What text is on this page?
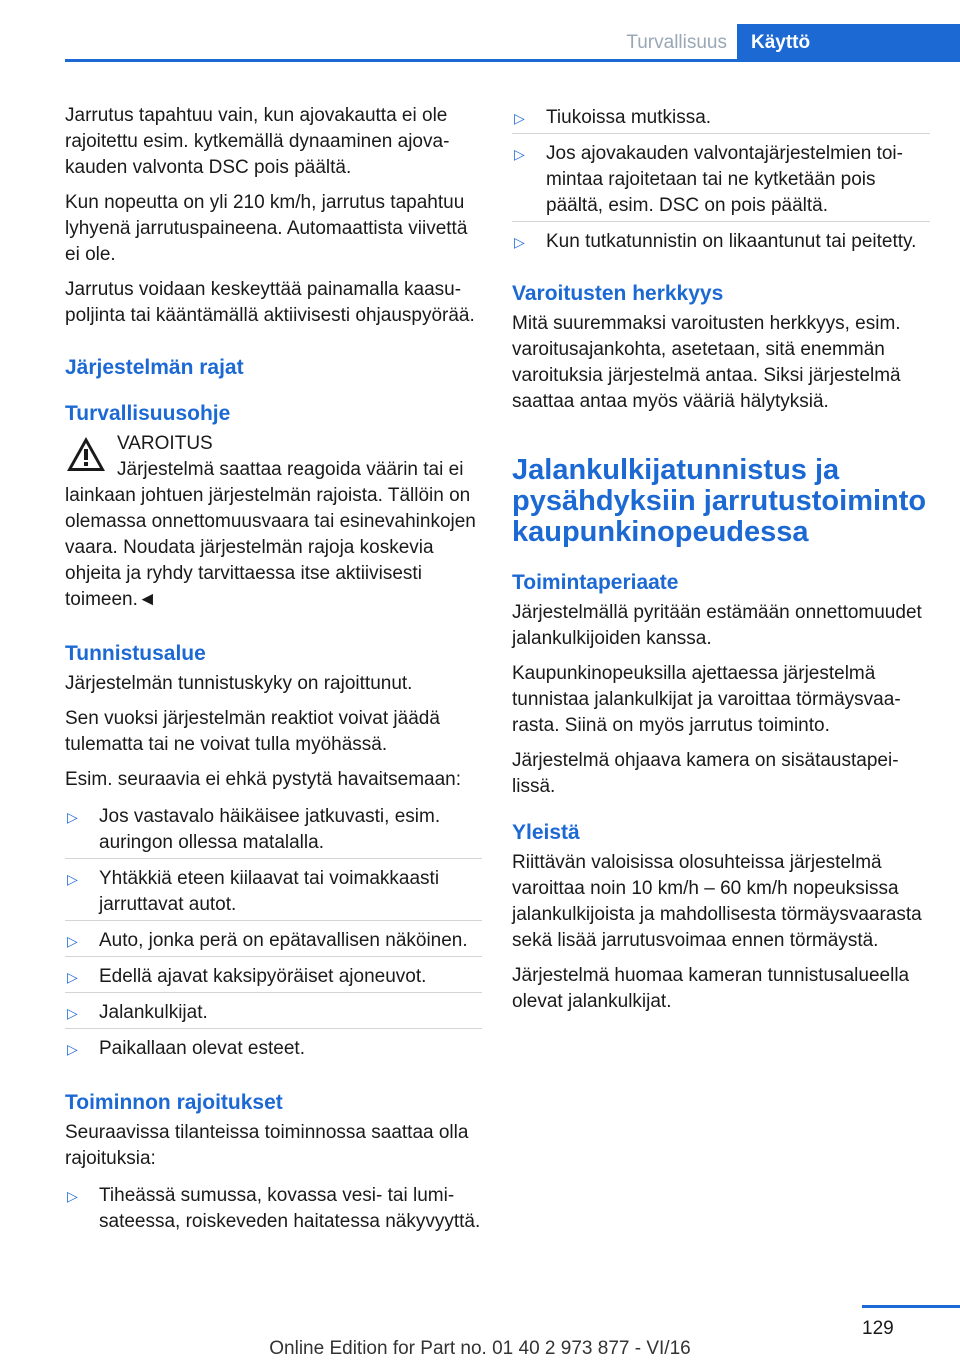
Turvallisuus	Käyttö

Jarrutus tapahtuu vain, kun ajovakautta ei ole rajoitettu esim. kytkemällä dynaaminen ajovakauden valvonta DSC pois päältä.

Kun nopeutta on yli 210 km/h, jarrutus tapahtuu lyhyenä jarrutuspaineena. Automaattista viivettä ei ole.

Jarrutus voidaan keskeyttää painamalla kaasupoljinta tai kääntämällä aktiivisesti ohjauspyörää.

Järjestelmän rajat
Turvallisuusohje
VAROITUS
Järjestelmä saattaa reagoida väärin tai ei lainkaan johtuen järjestelmän rajoista. Tällöin on olemassa onnettomuusvaara tai esinevahinkojen vaara. Noudata järjestelmän rajoja koskevia ohjeita ja ryhdy tarvittaessa itse aktiivisesti toimeen.◄
Tunnistusalue

Järjestelmän tunnistuskyky on rajoittunut.

Sen vuoksi järjestelmän reaktiot voivat jäädä tulematta tai ne voivat tulla myöhässä.

Esim. seuraavia ei ehkä pystytä havaitsemaan:

▷ Jos vastavalo häikäisee jatkuvasti, esim. auringon ollessa matalalla.
▷ Yhtäkkiä eteen kiilaavat tai voimakkaasti jarruttavat autot.
▷ Auto, jonka perä on epätavallisen näköinen.
▷ Edellä ajavat kaksipyöräiset ajoneuvot.
▷ Jalankulkijat.
▷ Paikallaan olevat esteet.
Toiminnon rajoitukset

Seuraavissa tilanteissa toiminnossa saattaa olla rajoituksia:

▷ Tiheässä sumussa, kovassa vesi- tai lumisateessa, roiskeveden haitatessa näkyvyyttä.
▷ Tiukoissa mutkissa.
▷ Jos ajovakauden valvontajärjestelmien toimintaa rajoitetaan tai ne kytketään pois päältä, esim. DSC on pois päältä.
▷ Kun tutkatunnistin on likaantunut tai peitetty.
Varoitusten herkkyys

Mitä suuremmaksi varoitusten herkkyys, esim. varoitusajankohta, asetetaan, sitä enemmän varoituksia järjestelmä antaa. Siksi järjestelmä saattaa antaa myös vääriä hälytyksiä.

Jalankulkijatunnistus ja pysähdyksiin jarrutustoiminto kaupunkinopeudessa
Toimintaperiaate

Järjestelmällä pyritään estämään onnettomuudet jalankulkijoiden kanssa.

Kaupunkinopeuksilla ajettaessa järjestelmä tunnistaa jalankulkijat ja varoittaa törmäysvaarasta. Siinä on myös jarrutus toiminto.

Järjestelmä ohjaava kamera on sisätaustapeilissä.

Yleistä

Riittävän valoisissa olosuhteissa järjestelmä varoittaa noin 10 km/h – 60 km/h nopeuksissa jalankulkijoista ja mahdollisesta törmäysvaarasta sekä lisää jarrutusvoimaa ennen törmäystä.

Järjestelmä huomaa kameran tunnistusalueella olevat jalankulkijat.

129
Online Edition for Part no. 01 40 2 973 877 - VI/16
